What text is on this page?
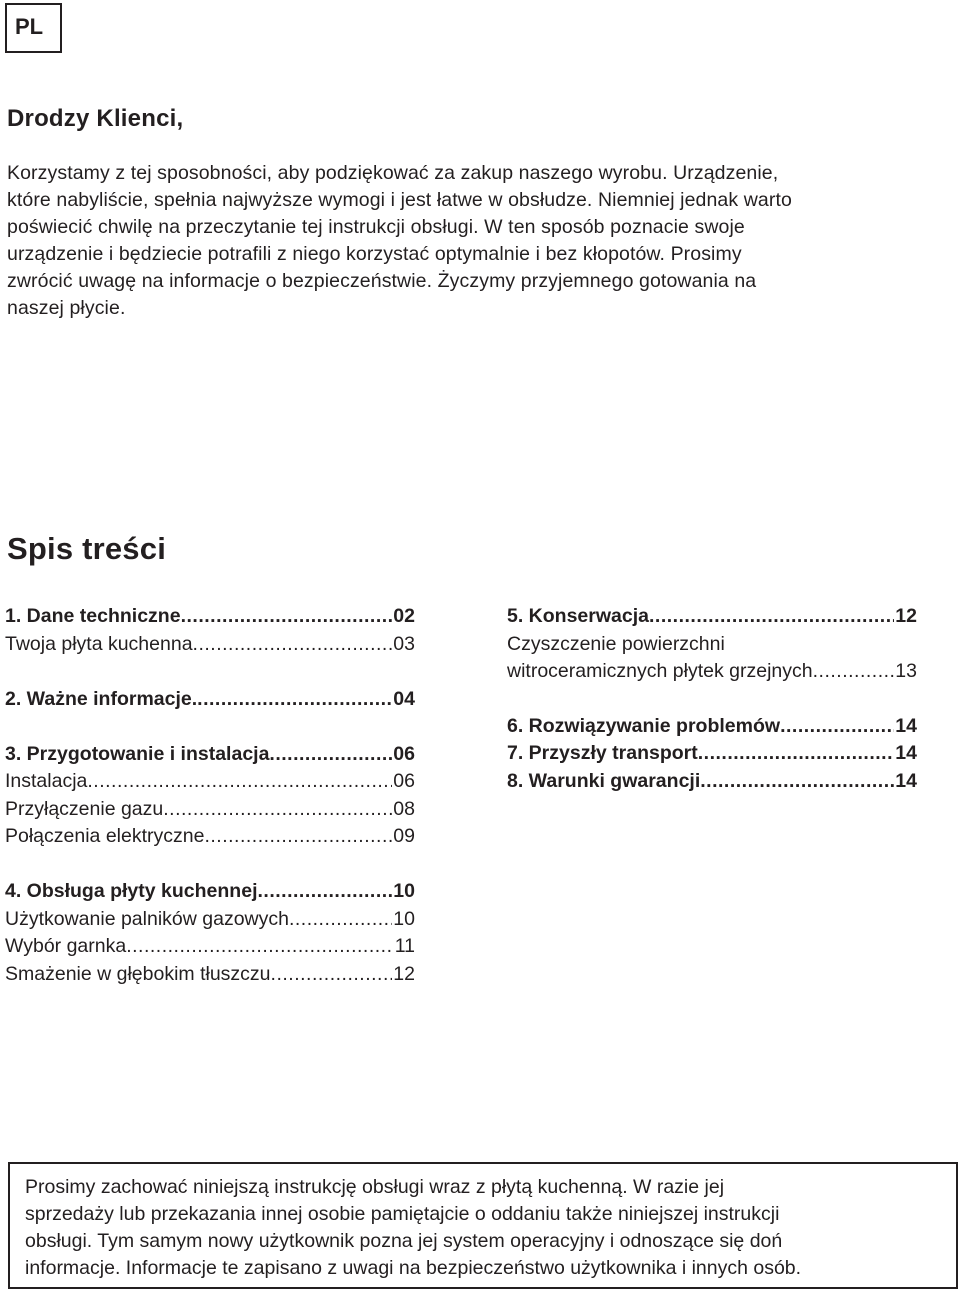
PL
Drodzy Klienci,
Korzystamy z tej sposobności, aby podziękować za zakup naszego wyrobu. Urządzenie,
które nabyliście, spełnia najwyższe wymogi i jest łatwe w obsłudze. Niemniej jednak warto
poświecić chwilę na przeczytanie tej instrukcji obsługi. W ten sposób poznacie swoje
urządzenie i będziecie potrafili z niego korzystać optymalnie i bez kłopotów. Prosimy
zwrócić uwagę na informacje o bezpieczeństwie. Życzymy przyjemnego gotowania na
naszej płycie.
Spis treści
1. Dane techniczne .....	02
Twoja płyta kuchenna .....	03
2. Ważne informacje. .....	04
3. Przygotowanie i instalacja .....	06
Instalacja .....	06
Przyłączenie gazu .....	08
Połączenia elektryczne .....	09
4. Obsługa płyty kuchennej .....	10
Użytkowanie palników gazowych .....	10
Wybór garnka .....	11
Smażenie w głębokim tłuszczu .....	12
5. Konserwacja .....	12
Czyszczenie powierzchni
witroceramicznych płytek grzejnych .....	13
6. Rozwiązywanie problemów .....	14
7. Przyszły transport .....	14
8. Warunki gwarancji .....	14

Prosimy zachować niniejszą instrukcję obsługi wraz z płytą kuchenną. W razie jej

sprzedaży lub przekazania innej osobie pamiętajcie o oddaniu także niniejszej instrukcji

obsługi. Tym samym nowy użytkownik pozna jej system operacyjny i odnoszące się doń

informacje. Informacje te zapisano z uwagi na bezpieczeństwo użytkownika i innych osób.
